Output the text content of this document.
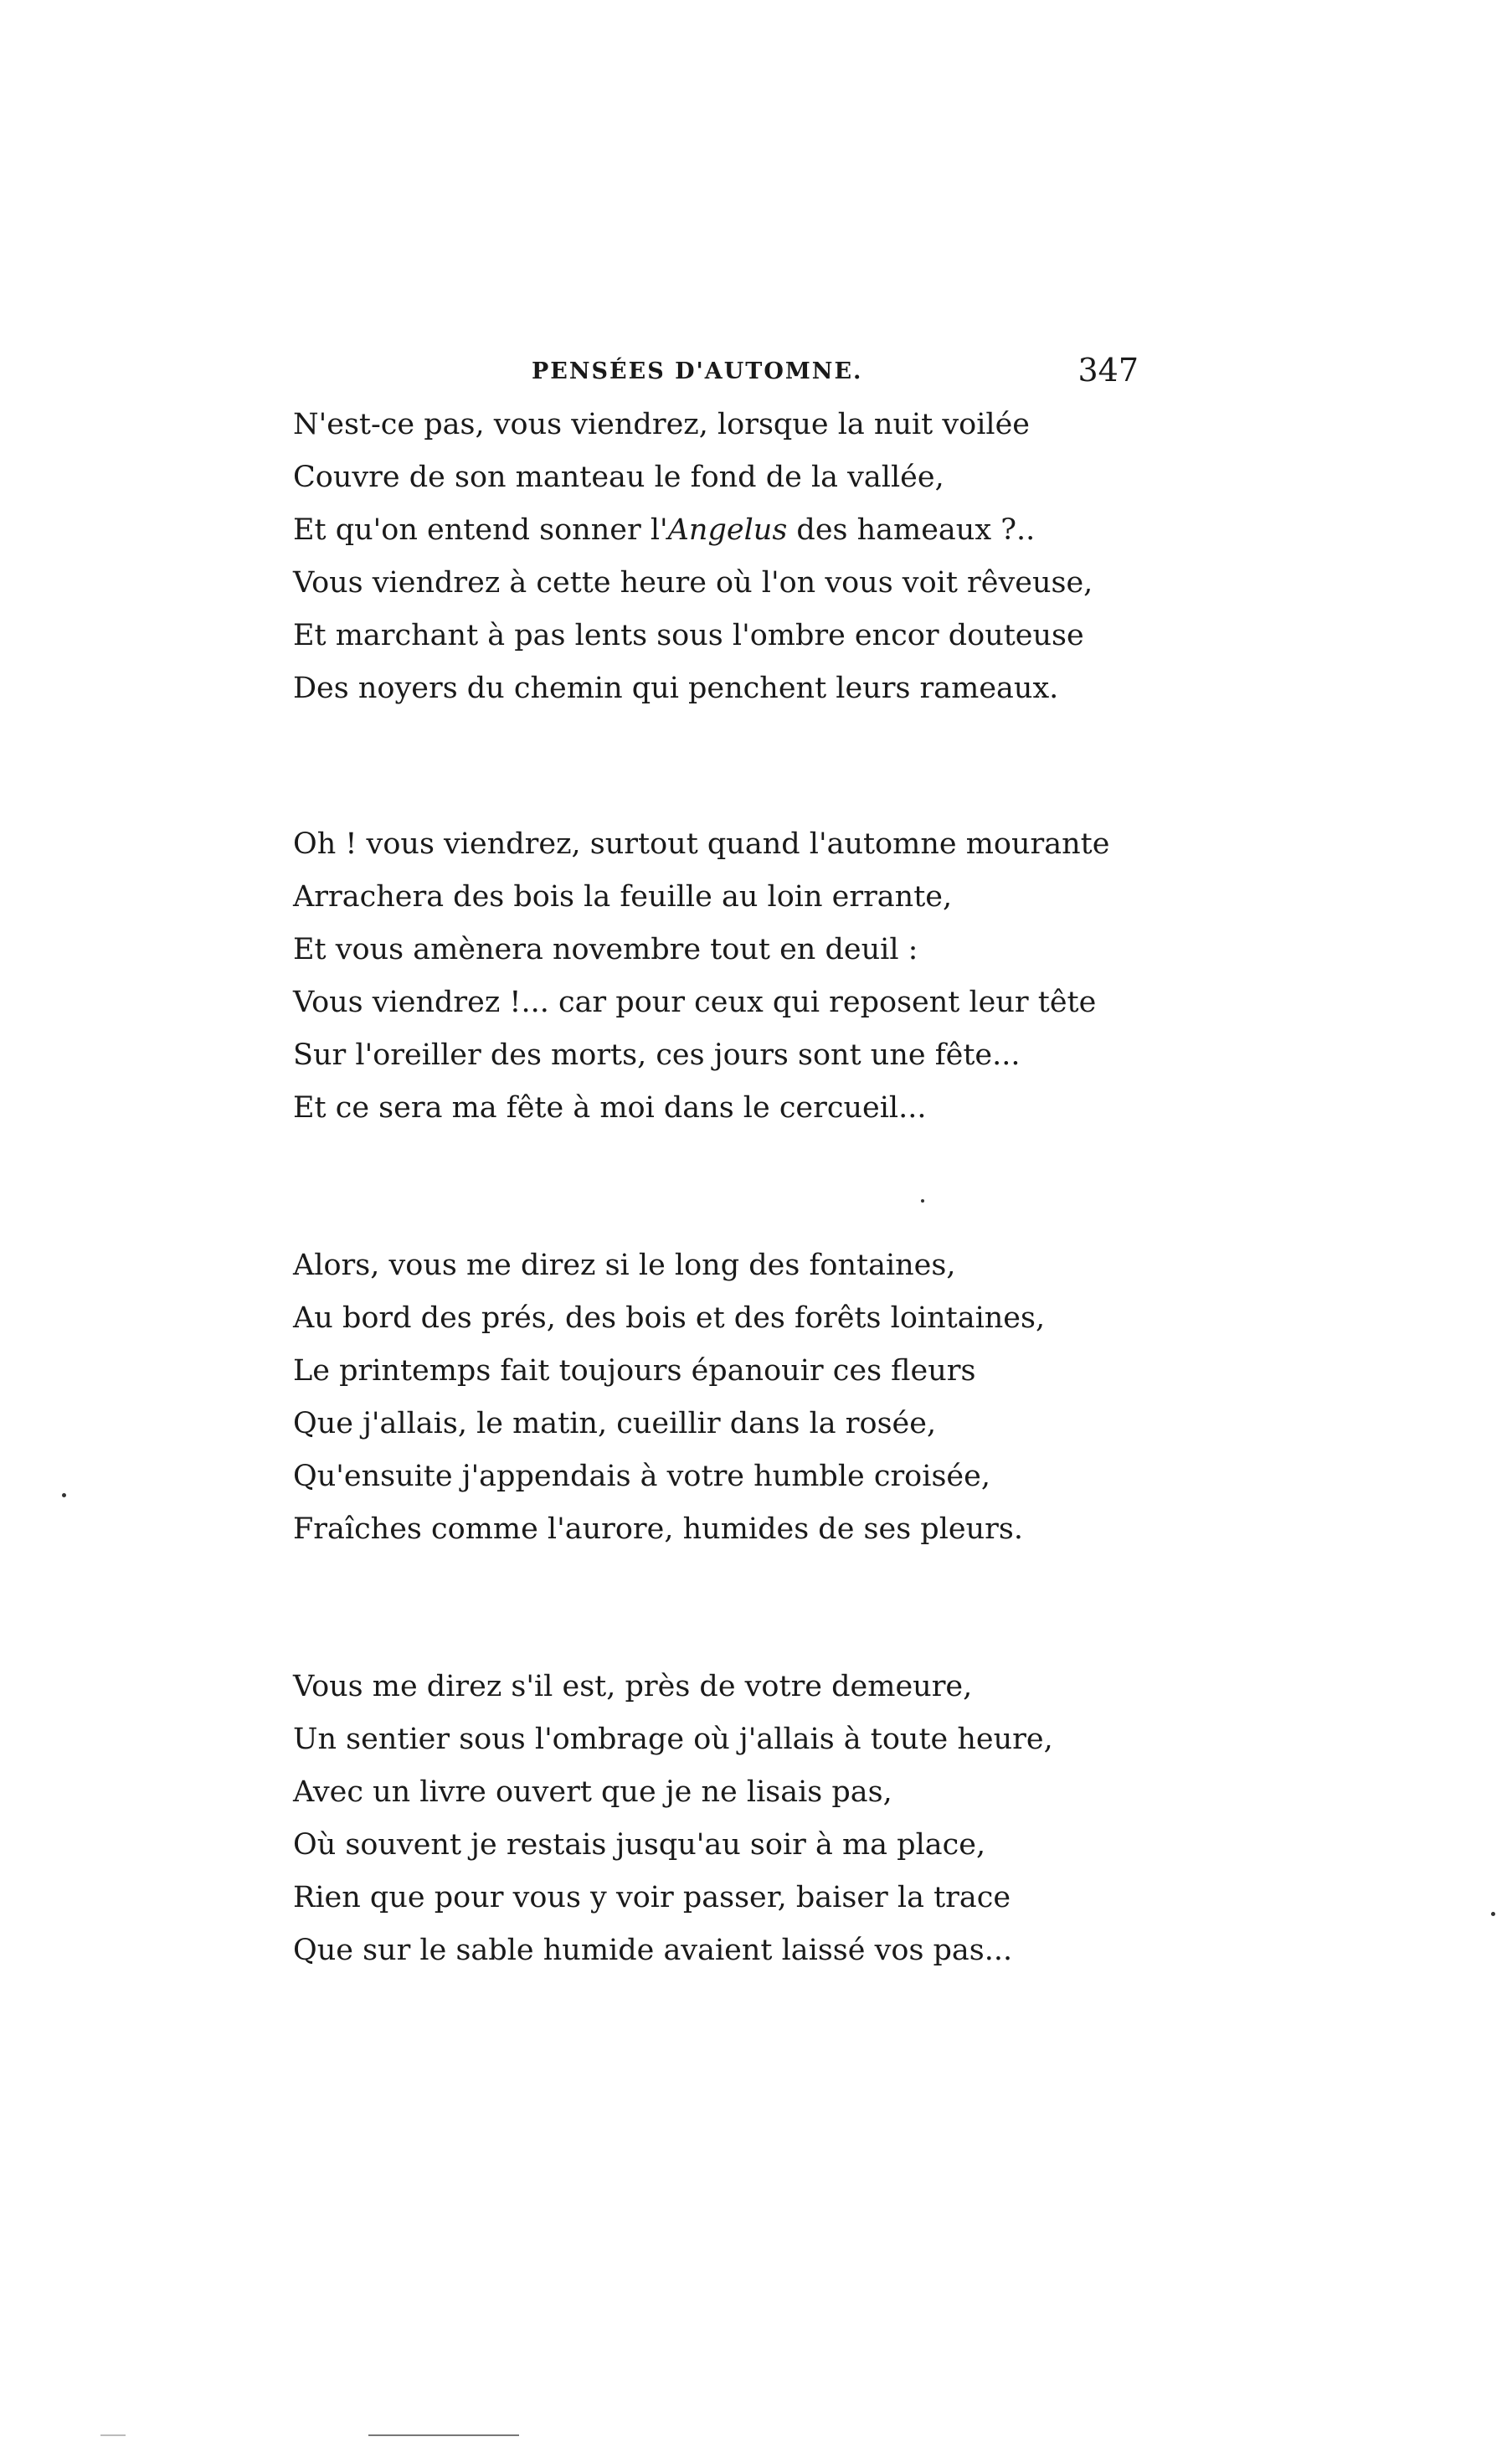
PENSÉES D'AUTOMNE.	347
N'est-ce pas, vous viendrez, lorsque la nuit voilée
Couvre de son manteau le fond de la vallée,
Et qu'on entend sonner l'Angelus des hameaux ?..
Vous viendrez à cette heure où l'on vous voit rêveuse,
Et marchant à pas lents sous l'ombre encor douteuse
Des noyers du chemin qui penchent leurs rameaux.
Oh ! vous viendrez, surtout quand l'automne mourante
Arrachera des bois la feuille au loin errante,
Et vous amènera novembre tout en deuil :
Vous viendrez !... car pour ceux qui reposent leur tête
Sur l'oreiller des morts, ces jours sont une fête...
Et ce sera ma fête à moi dans le cercueil...
Alors, vous me direz si le long des fontaines,
Au bord des prés, des bois et des forêts lointaines,
Le printemps fait toujours épanouir ces fleurs
Que j'allais, le matin, cueillir dans la rosée,
Qu'ensuite j'appendais à votre humble croisée,
Fraîches comme l'aurore, humides de ses pleurs.
Vous me direz s'il est, près de votre demeure,
Un sentier sous l'ombrage où j'allais à toute heure,
Avec un livre ouvert que je ne lisais pas,
Où souvent je restais jusqu'au soir à ma place,
Rien que pour vous y voir passer, baiser la trace
Que sur le sable humide avaient laissé vos pas...
